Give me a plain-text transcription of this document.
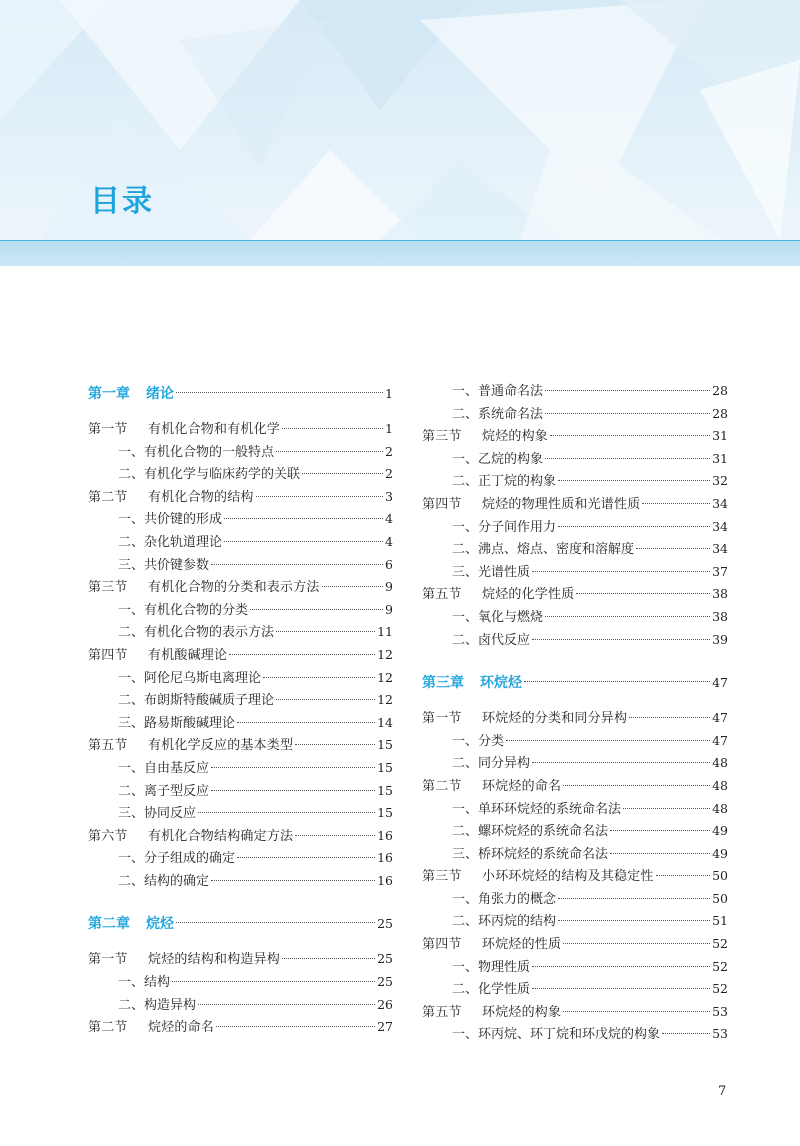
目录
第一章 绪论	1
第一节 有机化合物和有机化学	1
一、有机化合物的一般特点	2
二、有机化学与临床药学的关联	2
第二节 有机化合物的结构	3
一、共价键的形成	4
二、杂化轨道理论	4
三、共价键参数	6
第三节 有机化合物的分类和表示方法	9
一、有机化合物的分类	9
二、有机化合物的表示方法	11
第四节 有机酸碱理论	12
一、阿伦尼乌斯电离理论	12
二、布朗斯特酸碱质子理论	12
三、路易斯酸碱理论	14
第五节 有机化学反应的基本类型	15
一、自由基反应	15
二、离子型反应	15
三、协同反应	15
第六节 有机化合物结构确定方法	16
一、分子组成的确定	16
二、结构的确定	16
第二章 烷烃	25
第一节 烷烃的结构和构造异构	25
一、结构	25
二、构造异构	26
第二节 烷烃的命名	27
一、普通命名法	28
二、系统命名法	28
第三节 烷烃的构象	31
一、乙烷的构象	31
二、正丁烷的构象	32
第四节 烷烃的物理性质和光谱性质	34
一、分子间作用力	34
二、沸点、熔点、密度和溶解度	34
三、光谱性质	37
第五节 烷烃的化学性质	38
一、氧化与燃烧	38
二、卤代反应	39
第三章 环烷烃	47
第一节 环烷烃的分类和同分异构	47
一、分类	47
二、同分异构	48
第二节 环烷烃的命名	48
一、单环环烷烃的系统命名法	48
二、螺环烷烃的系统命名法	49
三、桥环烷烃的系统命名法	49
第三节 小环环烷烃的结构及其稳定性	50
一、角张力的概念	50
二、环丙烷的结构	51
第四节 环烷烃的性质	52
一、物理性质	52
二、化学性质	52
第五节 环烷烃的构象	53
一、环丙烷、环丁烷和环戊烷的构象	53
7
